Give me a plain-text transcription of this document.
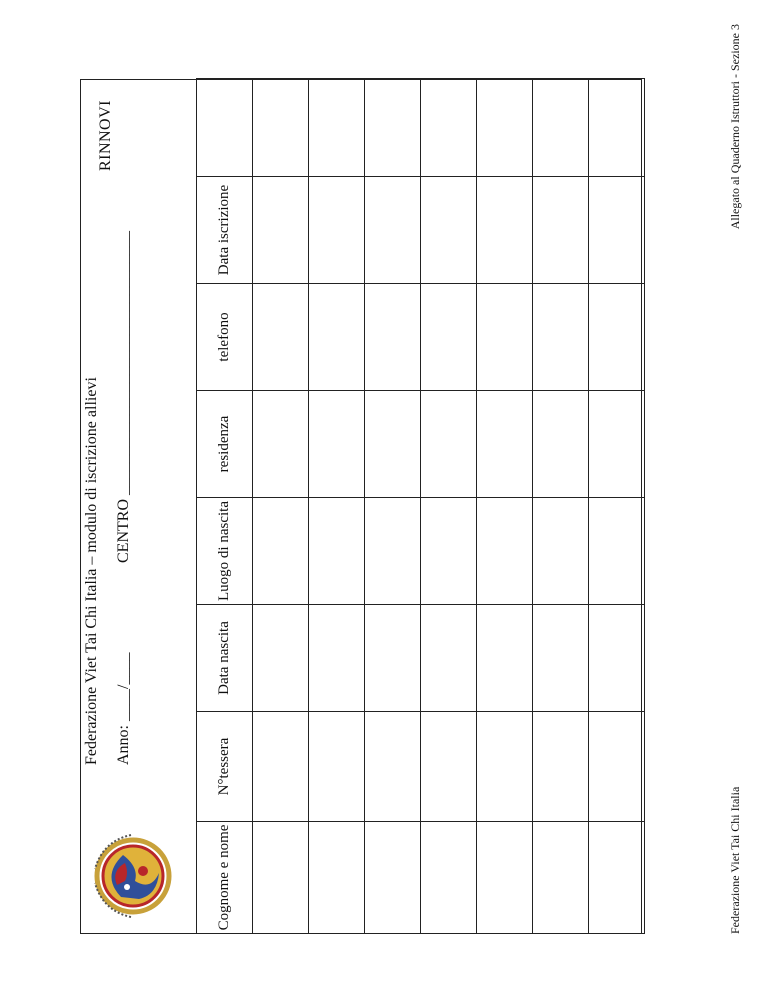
Federazione Viet Tai Chi Italia – modulo di iscrizione allievi Anno: ____/____
CENTRO _________________________________
RINNOVI
Cognome e nome	N°tessera	Data nascita	Luogo di nascita	residenza	telefono	Data iscrizione	

Federazione Viet Tai Chi Italia
Allegato al Quaderno Istruttori - Sezione 3
